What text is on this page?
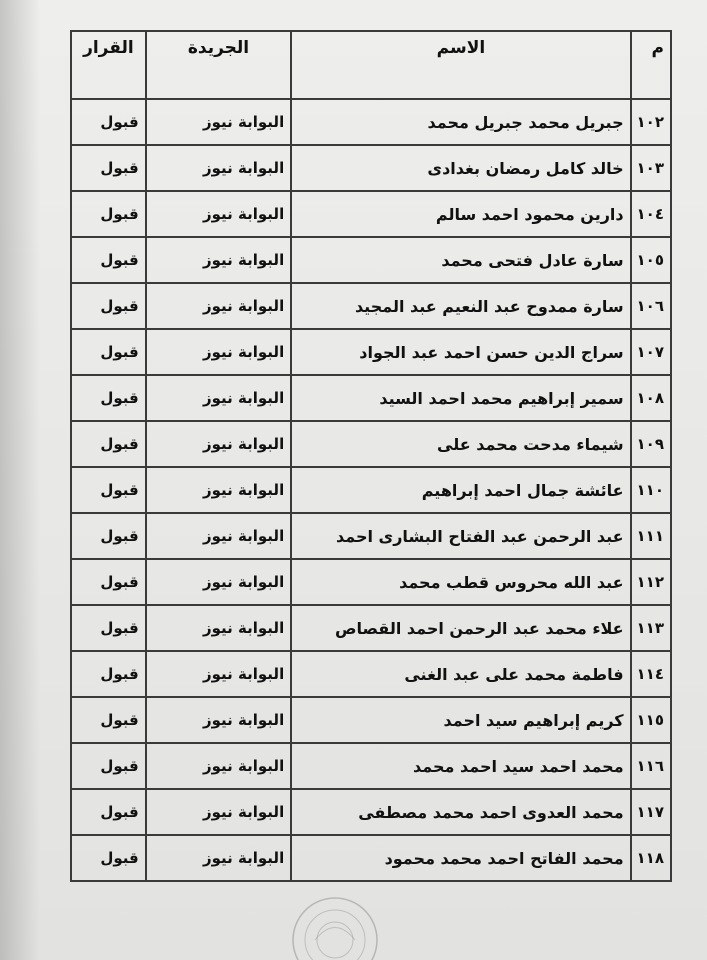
م	الاسم	الجريدة	القرار
١٠٢	جبريل محمد جبريل محمد	البوابة نيوز	قبول
١٠٣	خالد كامل رمضان بغدادى	البوابة نيوز	قبول
١٠٤	دارين محمود احمد سالم	البوابة نيوز	قبول
١٠٥	سارة عادل فتحى محمد	البوابة نيوز	قبول
١٠٦	سارة ممدوح عبد النعيم عبد المجيد	البوابة نيوز	قبول
١٠٧	سراج الدين حسن احمد عبد الجواد	البوابة نيوز	قبول
١٠٨	سمير إبراهيم محمد احمد السيد	البوابة نيوز	قبول
١٠٩	شيماء مدحت محمد على	البوابة نيوز	قبول
١١٠	عائشة جمال احمد إبراهيم	البوابة نيوز	قبول
١١١	عبد الرحمن عبد الفتاح البشارى احمد	البوابة نيوز	قبول
١١٢	عبد الله محروس قطب محمد	البوابة نيوز	قبول
١١٣	علاء محمد عبد الرحمن احمد القصاص	البوابة نيوز	قبول
١١٤	فاطمة محمد على عبد الغنى	البوابة نيوز	قبول
١١٥	كريم إبراهيم سيد احمد	البوابة نيوز	قبول
١١٦	محمد احمد سيد احمد محمد	البوابة نيوز	قبول
١١٧	محمد العدوى احمد محمد مصطفى	البوابة نيوز	قبول
١١٨	محمد الفاتح احمد محمد محمود	البوابة نيوز	قبول
